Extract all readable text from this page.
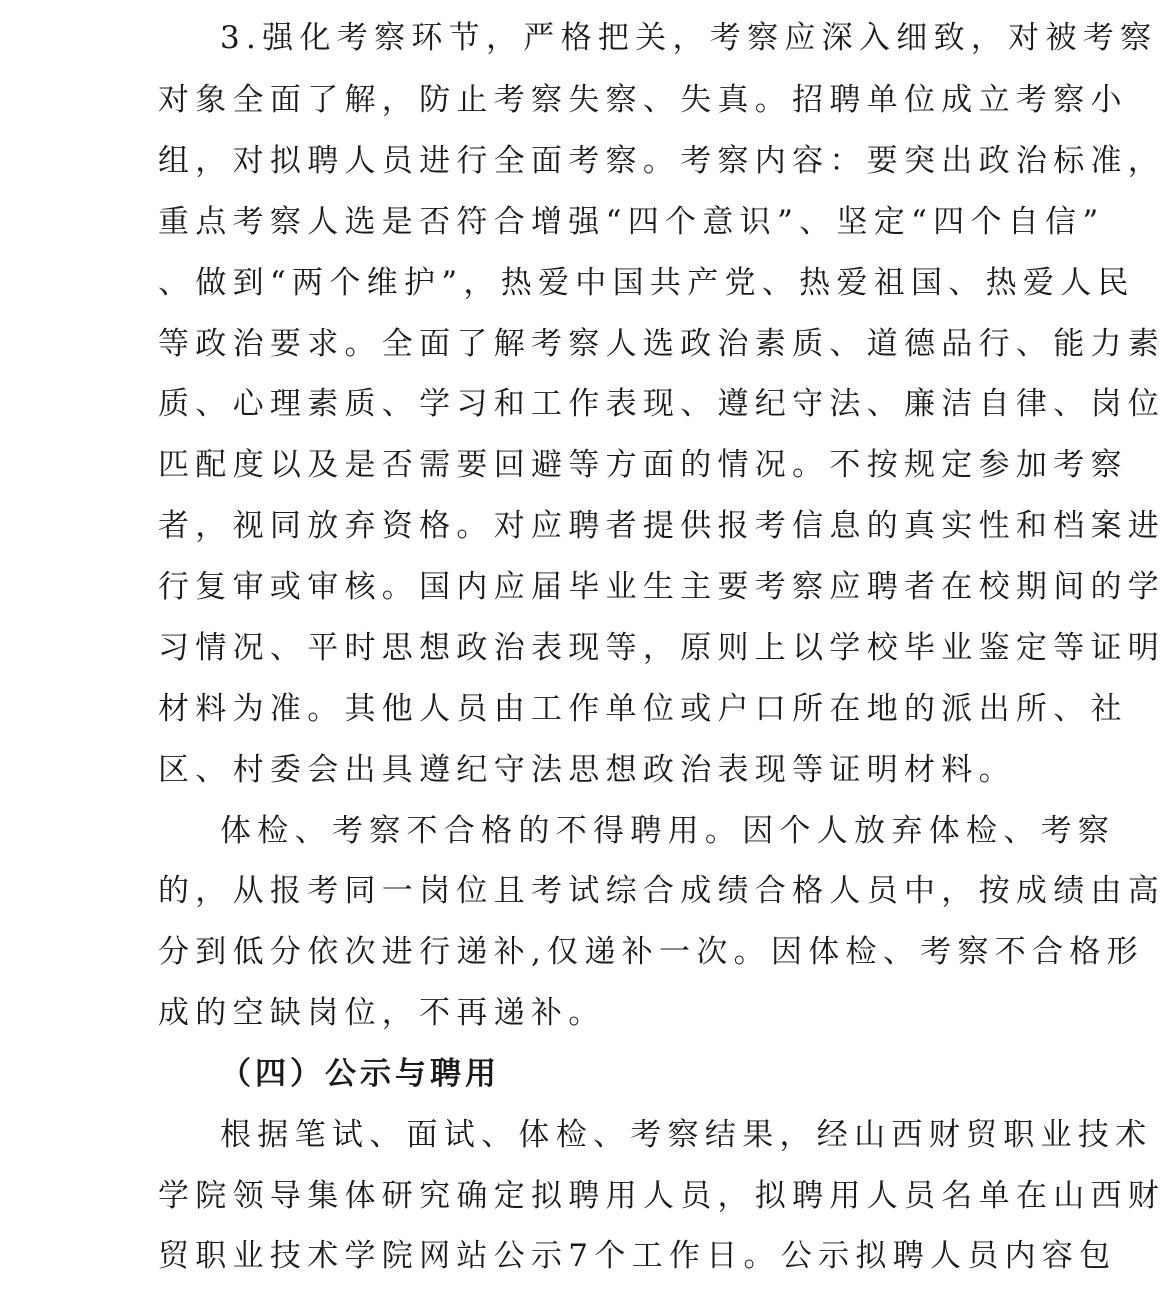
3.强化考察环节，严格把关，考察应深入细致，对被考察
对象全面了解，防止考察失察、失真。招聘单位成立考察小
组，对拟聘人员进行全面考察。考察内容：要突出政治标准，
重点考察人选是否符合增强“四个意识”、坚定“四个自信”
、做到“两个维护”，热爱中国共产党、热爱祖国、热爱人民
等政治要求。全面了解考察人选政治素质、道德品行、能力素
质、心理素质、学习和工作表现、遵纪守法、廉洁自律、岗位
匹配度以及是否需要回避等方面的情况。不按规定参加考察
者，视同放弃资格。对应聘者提供报考信息的真实性和档案进
行复审或审核。国内应届毕业生主要考察应聘者在校期间的学
习情况、平时思想政治表现等，原则上以学校毕业鉴定等证明
材料为准。其他人员由工作单位或户口所在地的派出所、社
区、村委会出具遵纪守法思想政治表现等证明材料。
体检、考察不合格的不得聘用。因个人放弃体检、考察
的，从报考同一岗位且考试综合成绩合格人员中，按成绩由高
分到低分依次进行递补,仅递补一次。因体检、考察不合格形
成的空缺岗位，不再递补。
（四）公示与聘用
根据笔试、面试、体检、考察结果，经山西财贸职业技术
学院领导集体研究确定拟聘用人员，拟聘用人员名单在山西财
贸职业技术学院网站公示7个工作日。公示拟聘人员内容包
